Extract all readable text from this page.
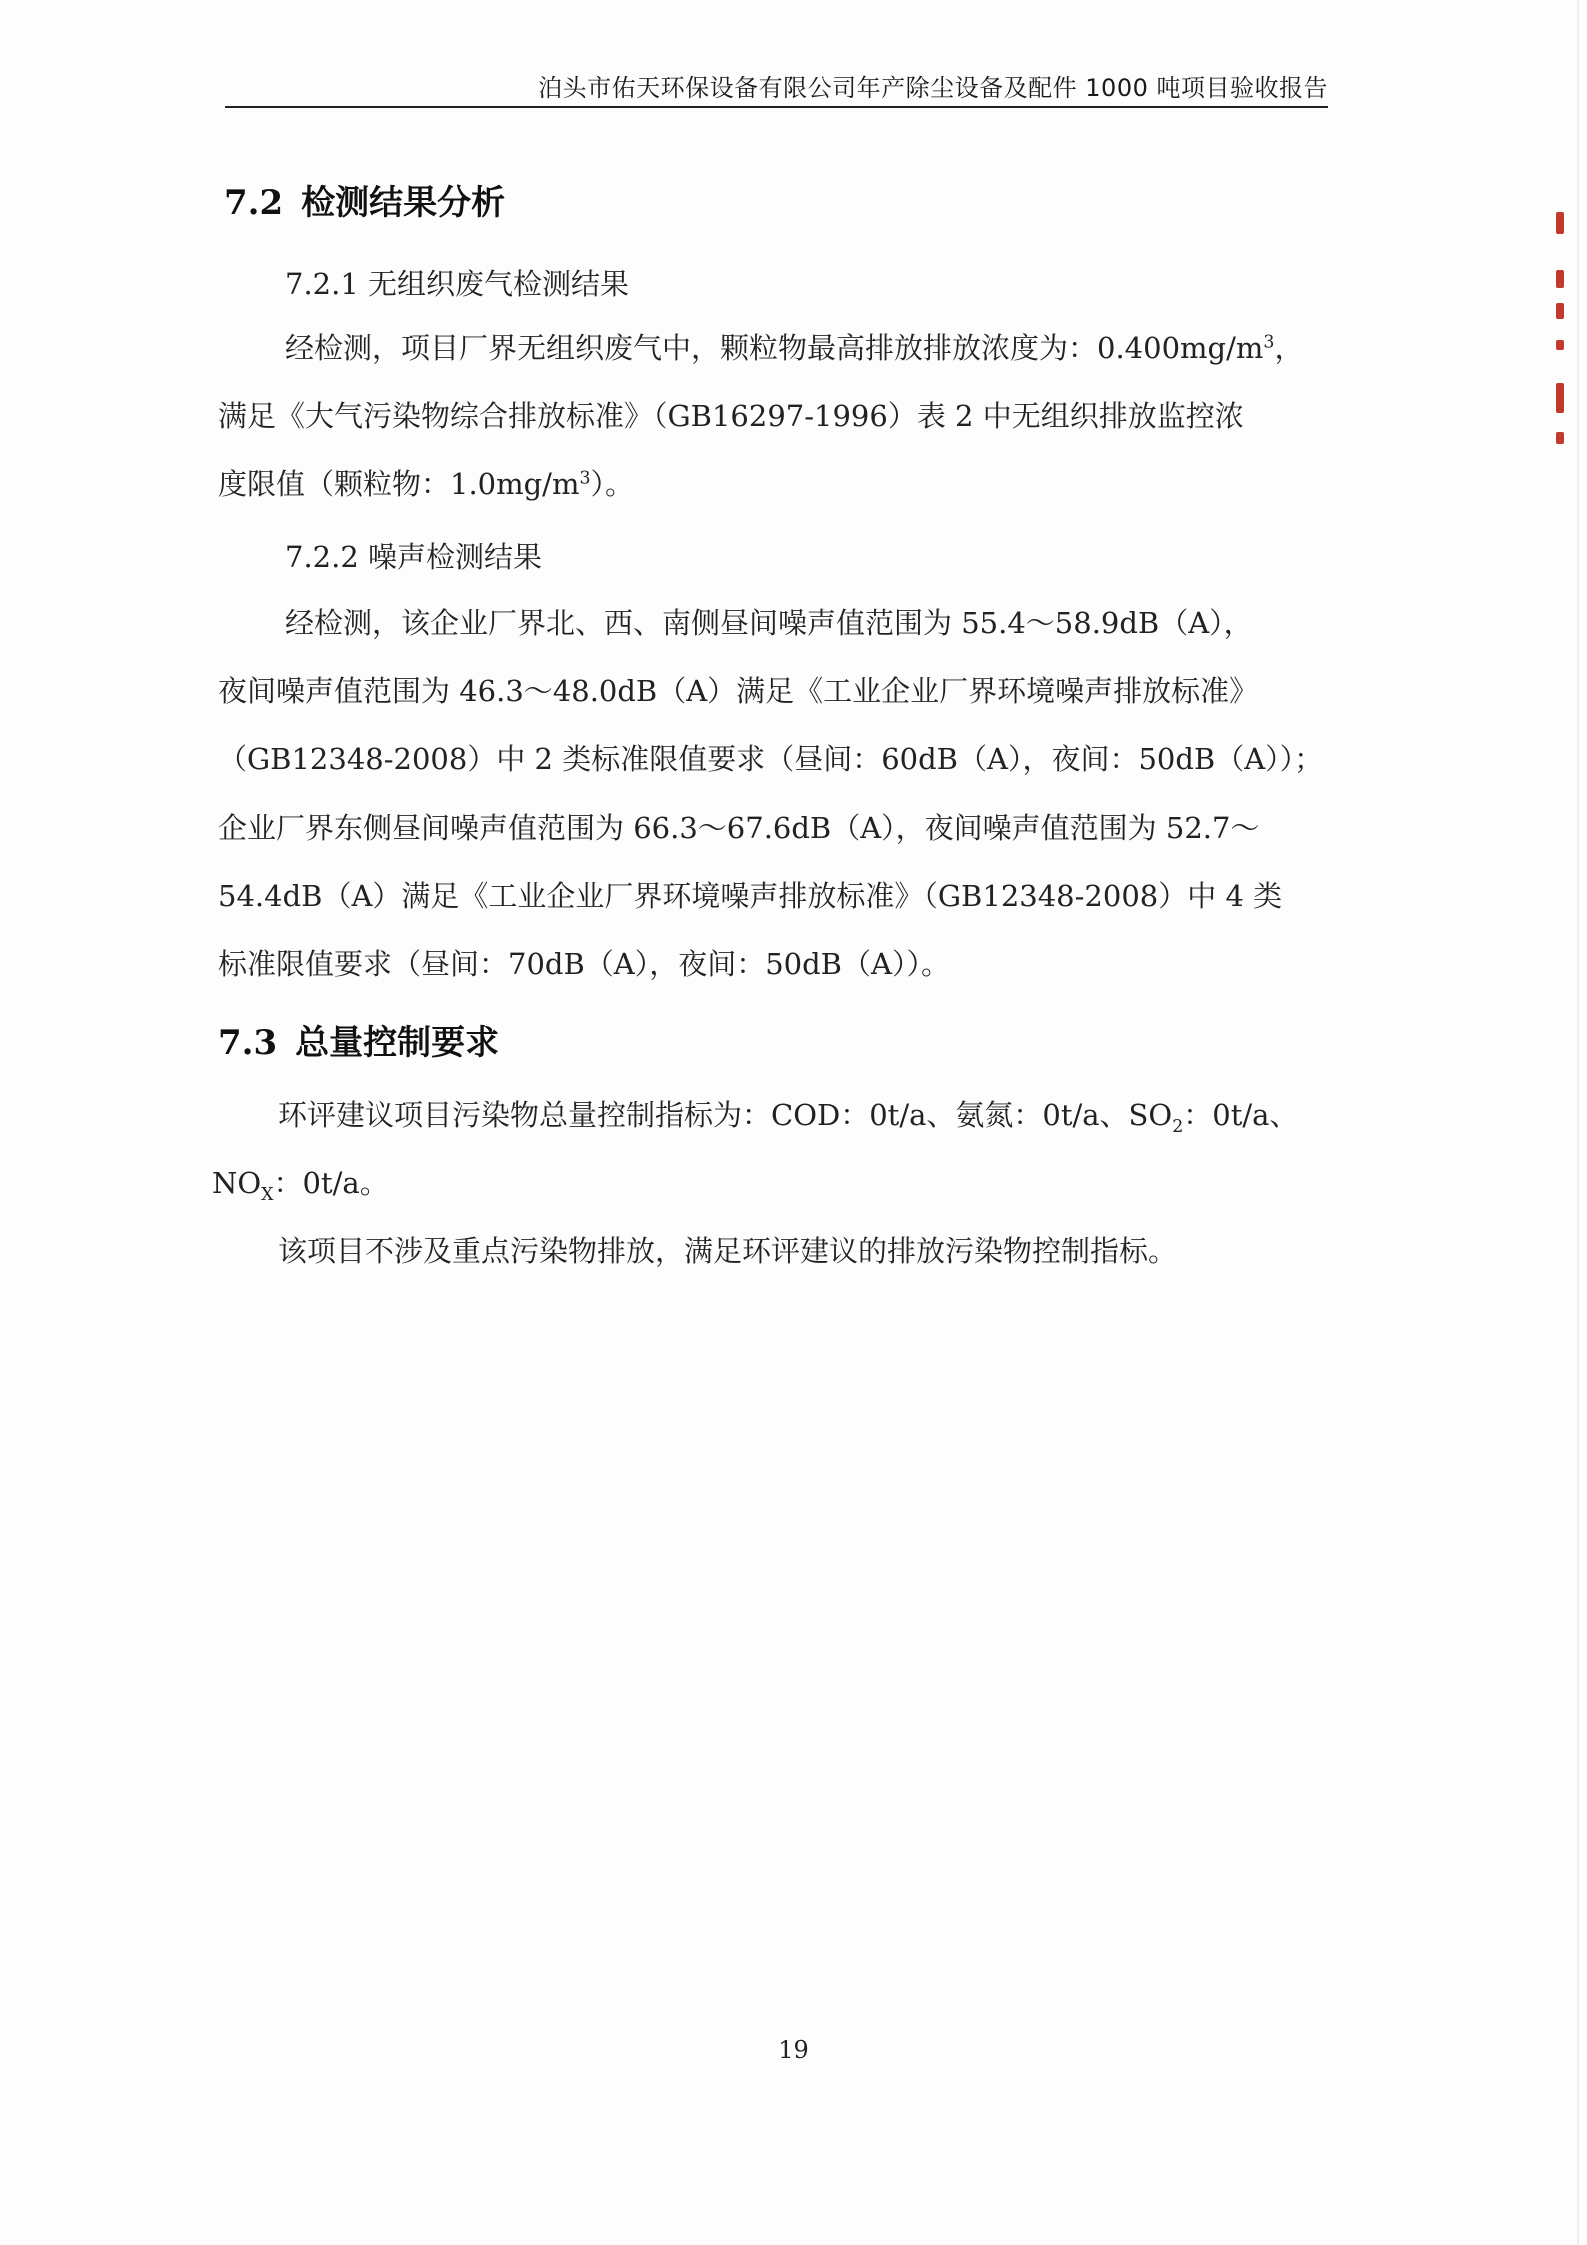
泊头市佑天环保设备有限公司年产除尘设备及配件 1000 吨项目验收报告
7.2 检测结果分析
7.2.1 无组织废气检测结果
经检测，项目厂界无组织废气中，颗粒物最高排放排放浓度为：$0.400mg/m^3$，
满足《大气污染物综合排放标准》（GB16297-1996）表 2 中无组织排放监控浓
度限值（颗粒物：$1.0mg/m^3$）。
7.2.2 噪声检测结果
经检测，该企业厂界北、西、南侧昼间噪声值范围为 55.4～58.9dB（A），
夜间噪声值范围为 46.3～48.0dB（A）满足《工业企业厂界环境噪声排放标准》
（GB12348-2008）中 2 类标准限值要求（昼间：60dB（A），夜间：50dB（A））；
企业厂界东侧昼间噪声值范围为 66.3～67.6dB（A），夜间噪声值范围为 52.7～
54.4dB（A）满足《工业企业厂界环境噪声排放标准》（GB12348-2008）中 4 类
标准限值要求（昼间：70dB（A），夜间：50dB（A））。
7.3 总量控制要求
环评建议项目污染物总量控制指标为：COD：0t/a、氨氮：0t/a、$SO_2$：0t/a、
$NO_X$：0t/a。
该项目不涉及重点污染物排放，满足环评建议的排放污染物控制指标。
19
